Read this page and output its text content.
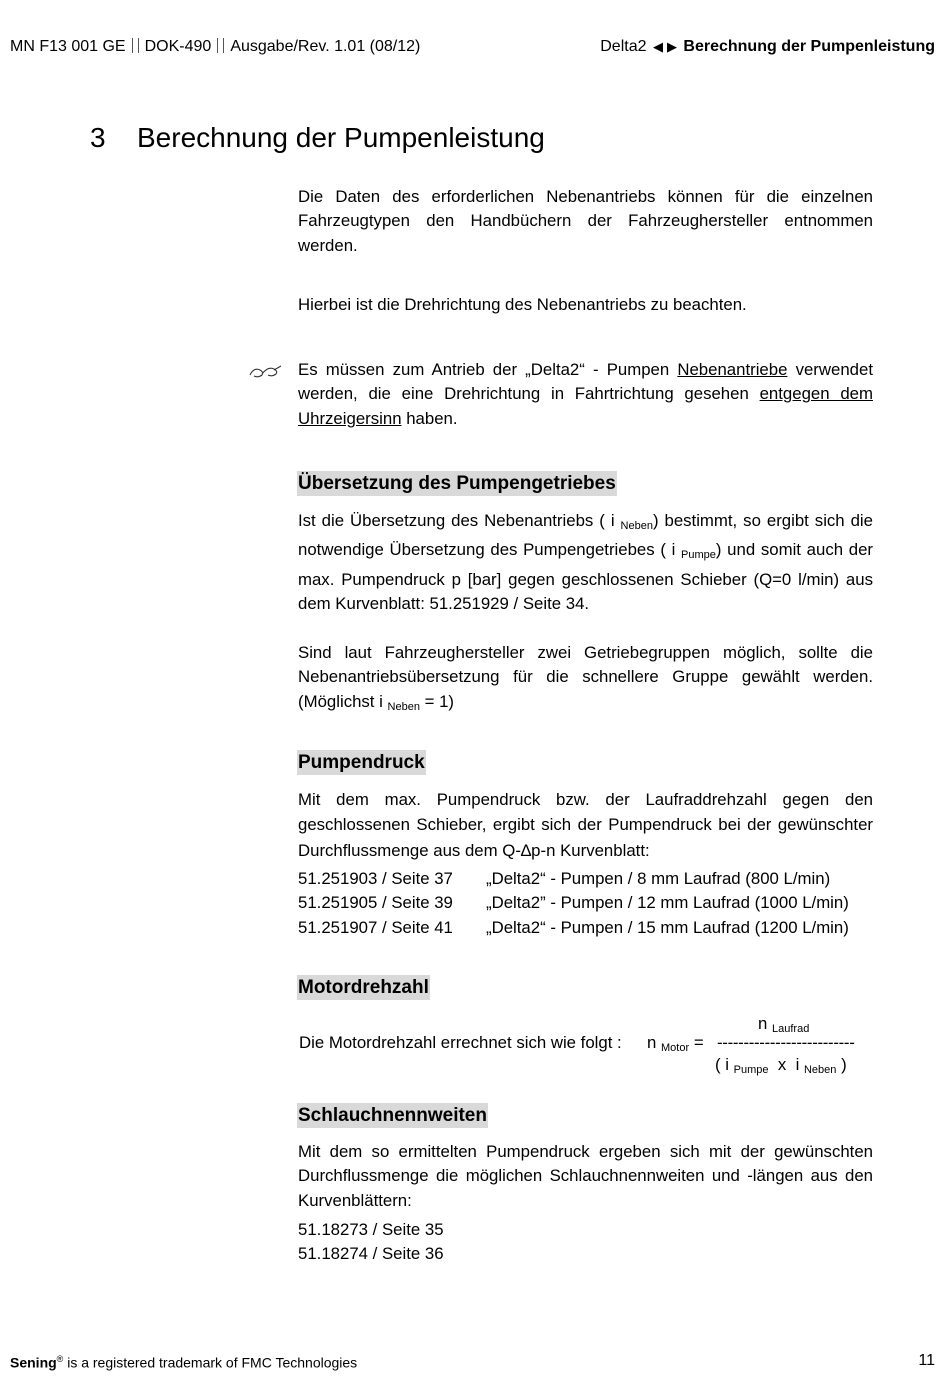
MN F13 001 GE DOK-490 Ausgabe/Rev. 1.01 (08/12)	Delta2 ◀ ▶ Berechnung der Pumpenleistung
3 Berechnung der Pumpenleistung

Die Daten des erforderlichen Nebenantriebs können für die einzelnen Fahrzeugtypen den Handbüchern der Fahrzeughersteller entnommen werden.

Hierbei ist die Drehrichtung des Nebenantriebs zu beachten.

Es müssen zum Antrieb der „Delta2“ - Pumpen Nebenantriebe verwendet werden, die eine Drehrichtung in Fahrtrichtung gesehen entgegen dem Uhrzeigersinn haben.

Übersetzung des Pumpengetriebes

Ist die Übersetzung des Nebenantriebs ( i $_{Neben}$) bestimmt, so ergibt sich die notwendige Übersetzung des Pumpengetriebes ( i $_{Pumpe}$) und somit auch der max. Pumpendruck p [bar] gegen geschlossenen Schieber (Q=0 l/min) aus dem Kurvenblatt: 51.251929 / Seite 34.

Sind laut Fahrzeughersteller zwei Getriebegruppen möglich, sollte die Nebenantriebsübersetzung für die schnellere Gruppe gewählt werden. (Möglichst i $_{Neben}$ = 1)

Pumpendruck

Mit dem max. Pumpendruck bzw. der Laufraddrehzahl gegen den geschlossenen Schieber, ergibt sich der Pumpendruck bei der gewünschter Durchflussmenge aus dem Q-∆p-n Kurvenblatt:

51.251903 / Seite 37	„Delta2“ - Pumpen / 8 mm Laufrad (800 L/min)
51.251905 / Seite 39	„Delta2” - Pumpen / 12 mm Laufrad (1000 L/min)
51.251907 / Seite 41	„Delta2“ - Pumpen / 15 mm Laufrad (1200 L/min)
Motordrehzahl
Die Motordrehzahl errechnet sich wie folgt : n $_{Motor}$ =
n $_{Laufrad}$
--------------------------
( i $_{Pumpe}$ x i $_{Neben}$ )
Schlauchnennweiten

Mit dem so ermittelten Pumpendruck ergeben sich mit der gewünschten Durchflussmenge die möglichen Schlauchnennweiten und -längen aus den Kurvenblättern:

51.18273 / Seite 35
51.18274 / Seite 36
Sening® is a registered trademark of FMC Technologies	11
